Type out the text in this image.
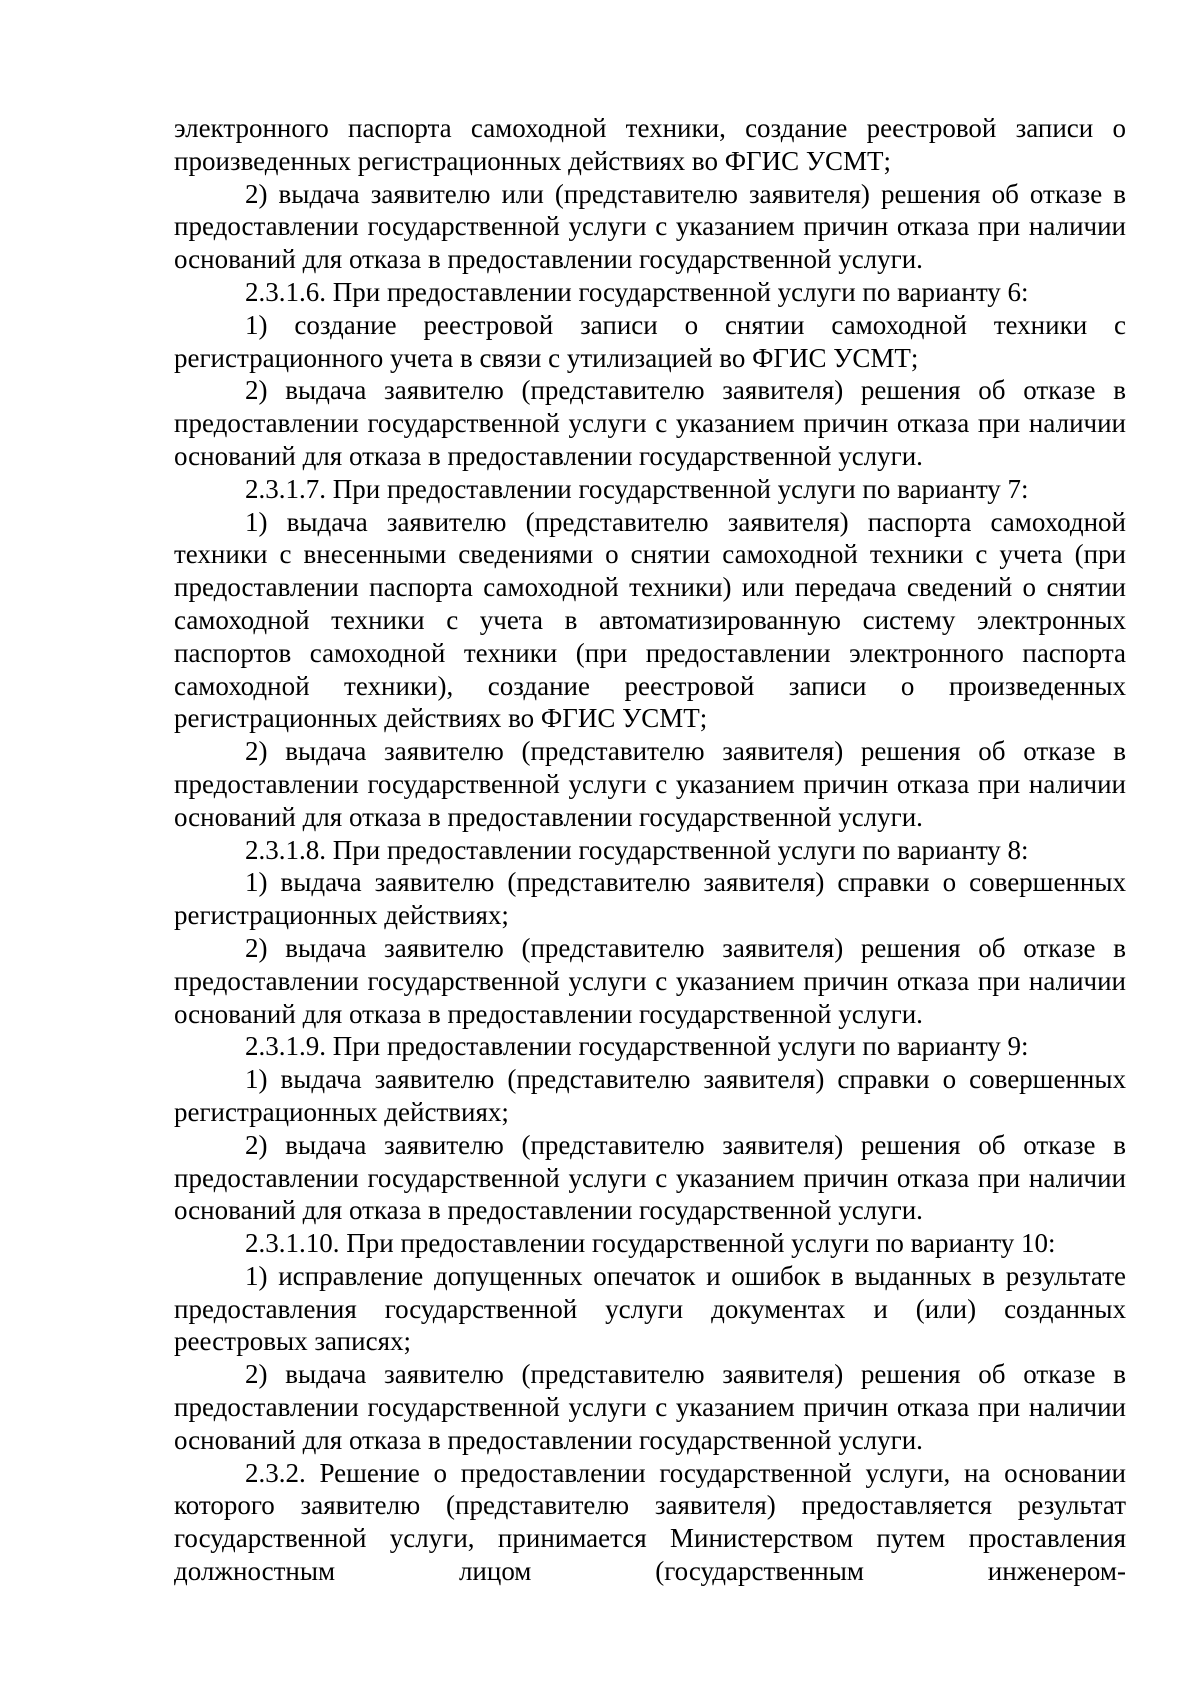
электронного паспорта самоходной техники, создание реестровой записи о произведенных регистрационных действиях во ФГИС УСМТ;

2) выдача заявителю или (представителю заявителя) решения об отказе в предоставлении государственной услуги с указанием причин отказа при наличии оснований для отказа в предоставлении государственной услуги.

2.3.1.6. При предоставлении государственной услуги по варианту 6:

1) создание реестровой записи о снятии самоходной техники с регистрационного учета в связи с утилизацией во ФГИС УСМТ;

2) выдача заявителю (представителю заявителя) решения об отказе в предоставлении государственной услуги с указанием причин отказа при наличии оснований для отказа в предоставлении государственной услуги.

2.3.1.7. При предоставлении государственной услуги по варианту 7:

1) выдача заявителю (представителю заявителя) паспорта самоходной техники с внесенными сведениями о снятии самоходной техники с учета (при предоставлении паспорта самоходной техники) или передача сведений о снятии самоходной техники с учета в автоматизированную систему электронных паспортов самоходной техники (при предоставлении электронного паспорта самоходной техники), создание реестровой записи о произведенных регистрационных действиях во ФГИС УСМТ;

2) выдача заявителю (представителю заявителя) решения об отказе в предоставлении государственной услуги с указанием причин отказа при наличии оснований для отказа в предоставлении государственной услуги.

2.3.1.8. При предоставлении государственной услуги по варианту 8:

1) выдача заявителю (представителю заявителя) справки о совершенных регистрационных действиях;

2) выдача заявителю (представителю заявителя) решения об отказе в предоставлении государственной услуги с указанием причин отказа при наличии оснований для отказа в предоставлении государственной услуги.

2.3.1.9. При предоставлении государственной услуги по варианту 9:

1) выдача заявителю (представителю заявителя) справки о совершенных регистрационных действиях;

2) выдача заявителю (представителю заявителя) решения об отказе в предоставлении государственной услуги с указанием причин отказа при наличии оснований для отказа в предоставлении государственной услуги.

2.3.1.10. При предоставлении государственной услуги по варианту 10:

1) исправление допущенных опечаток и ошибок в выданных в результате предоставления государственной услуги документах и (или) созданных реестровых записях;

2) выдача заявителю (представителю заявителя) решения об отказе в предоставлении государственной услуги с указанием причин отказа при наличии оснований для отказа в предоставлении государственной услуги.

2.3.2. Решение о предоставлении государственной услуги, на основании которого заявителю (представителю заявителя) предоставляется результат государственной услуги, принимается Министерством путем проставления должностным лицом (государственным инженером-
